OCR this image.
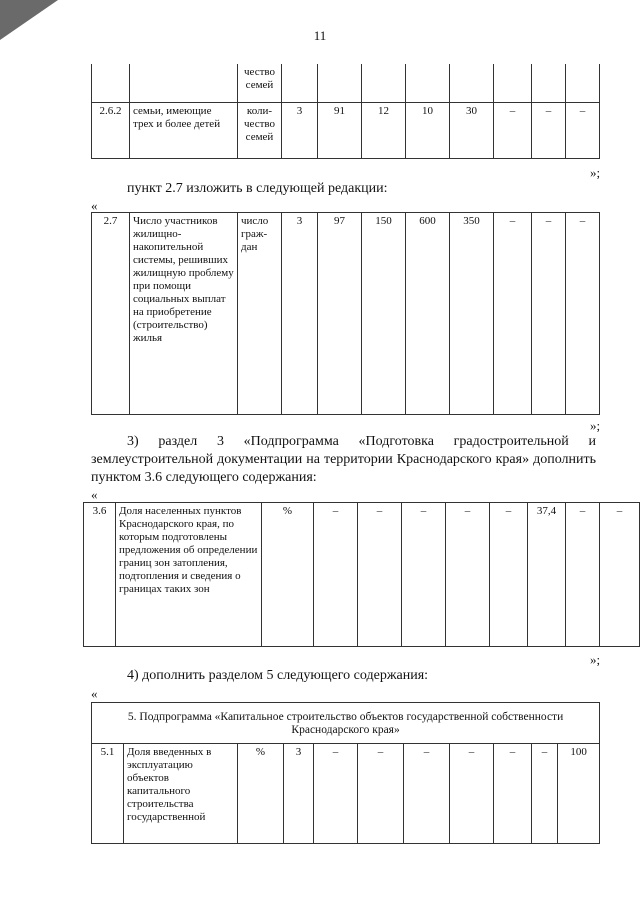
11
		чество
семей								
2.6.2	семьи, имеющие трех и более детей	коли-
чество
семей	3	91	12	10	30	–	–	–
»;
пункт 2.7 изложить в следующей редакции:
«
2.7	Число участников жилищно-накопительной системы, решивших жилищную проблему при помощи социальных выплат на приобретение (строительство) жилья	число граж-дан	3	97	150	600	350	–	–	–
»;
3) раздел 3 «Подпрограмма «Подготовка градостроительной и землеустроительной документации на территории Краснодарского края» дополнить пунктом 3.6 следующего содержания:
«
3.6	Доля населенных пунктов Краснодарского края, по которым подготовлены предложения об определении границ зон затопления, подтопления и сведения о границах таких зон	%	–	–	–	–	–	37,4	–	–
»;
4) дополнить разделом 5 следующего содержания:
«
5. Подпрограмма «Капитальное строительство объектов государственной собственности Краснодарского края»
5.1	Доля введенных в эксплуатацию объектов капитального строительства государственной	%	3	–	–	–	–	–	–	100
